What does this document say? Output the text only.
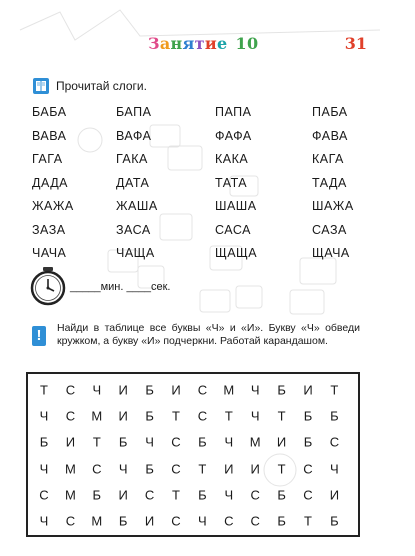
Занятие 10	31
Прочитай слоги.
БАБА	БАПА	ПАПА	ПАБА
ВАВА	ВАФА	ФАФА	ФАВА
ГАГА	ГАКА	КАКА	КАГА
ДАДА	ДАТА	ТАТА	ТАДА
ЖАЖА	ЖАША	ШАША	ШАЖА
ЗАЗА	ЗАСА	САСА	САЗА
ЧАЧА	ЧАЩА	ЩАЩА	ЩАЧА
_____мин. ____сек.
!	Найди в таблице все буквы «Ч» и «И». Букву «Ч» обведи кружком, а букву «И» подчеркни. Работай карандашом.
Т С Ч И Б И С М Ч Б И Т
Ч С М И Б Т С Т Ч Т Б Б
Б И Т Б Ч С Б Ч М И Б С
Ч М С Ч Б С Т И И Т С Ч
С М Б И С Т Б Ч С Б С И
Ч С М Б И С Ч С С Б Т Б
